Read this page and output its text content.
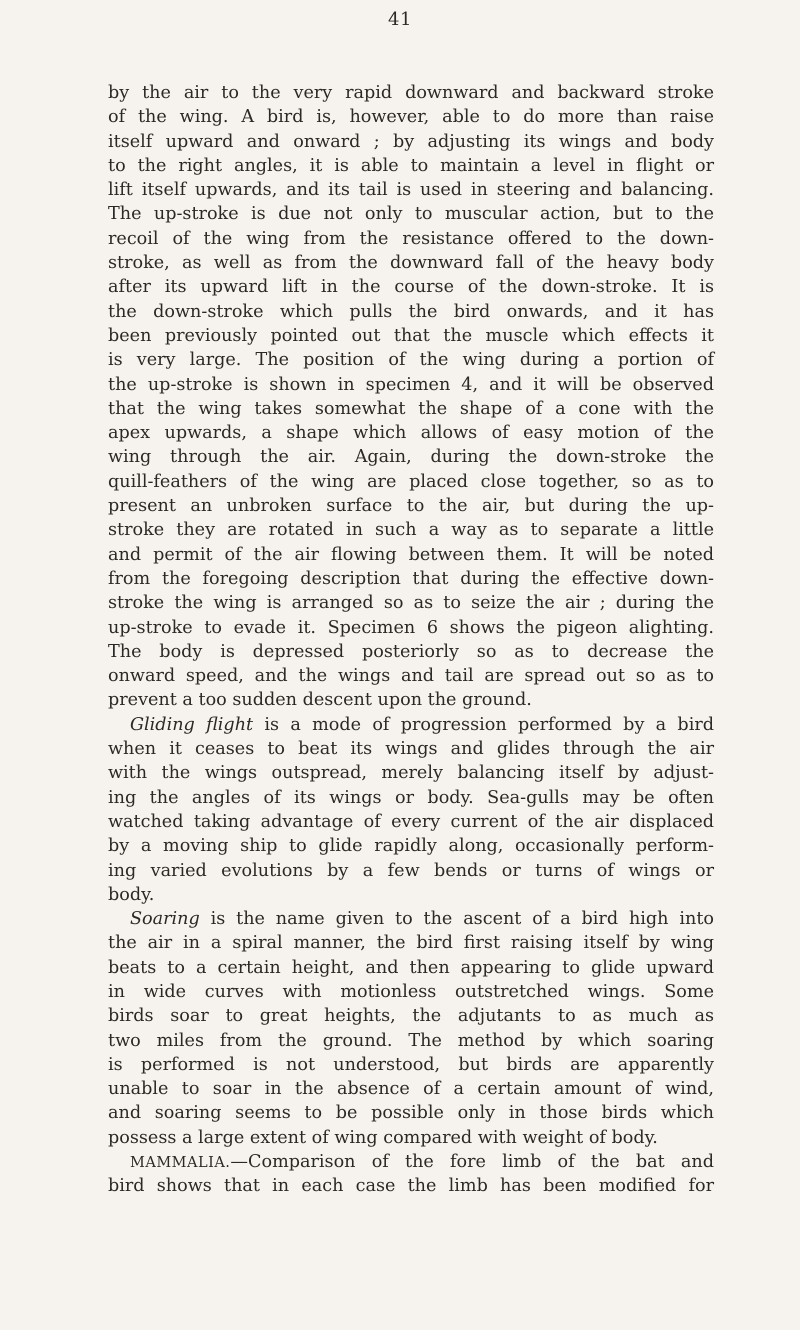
41
by the air to the very rapid downward and backward stroke
of the wing. A bird is, however, able to do more than raise
itself upward and onward ; by adjusting its wings and body
to the right angles, it is able to maintain a level in flight or
lift itself upwards, and its tail is used in steering and balancing.
The up-stroke is due not only to muscular action, but to the
recoil of the wing from the resistance offered to the down-
stroke, as well as from the downward fall of the heavy body
after its upward lift in the course of the down-stroke. It is
the down-stroke which pulls the bird onwards, and it has
been previously pointed out that the muscle which effects it
is very large. The position of the wing during a portion of
the up-stroke is shown in specimen 4, and it will be observed
that the wing takes somewhat the shape of a cone with the
apex upwards, a shape which allows of easy motion of the
wing through the air. Again, during the down-stroke the
quill-feathers of the wing are placed close together, so as to
present an unbroken surface to the air, but during the up-
stroke they are rotated in such a way as to separate a little
and permit of the air flowing between them. It will be noted
from the foregoing description that during the effective down-
stroke the wing is arranged so as to seize the air ; during the
up-stroke to evade it. Specimen 6 shows the pigeon alighting.
The body is depressed posteriorly so as to decrease the
onward speed, and the wings and tail are spread out so as to
prevent a too sudden descent upon the ground.
Gliding flight is a mode of progression performed by a bird
when it ceases to beat its wings and glides through the air
with the wings outspread, merely balancing itself by adjust-
ing the angles of its wings or body. Sea-gulls may be often
watched taking advantage of every current of the air displaced
by a moving ship to glide rapidly along, occasionally perform-
ing varied evolutions by a few bends or turns of wings or
body.
Soaring is the name given to the ascent of a bird high into
the air in a spiral manner, the bird first raising itself by wing
beats to a certain height, and then appearing to glide upward
in wide curves with motionless outstretched wings. Some
birds soar to great heights, the adjutants to as much as
two miles from the ground. The method by which soaring
is performed is not understood, but birds are apparently
unable to soar in the absence of a certain amount of wind,
and soaring seems to be possible only in those birds which
possess a large extent of wing compared with weight of body.
MAMMALIA.—Comparison of the fore limb of the bat and
bird shows that in each case the limb has been modified for
